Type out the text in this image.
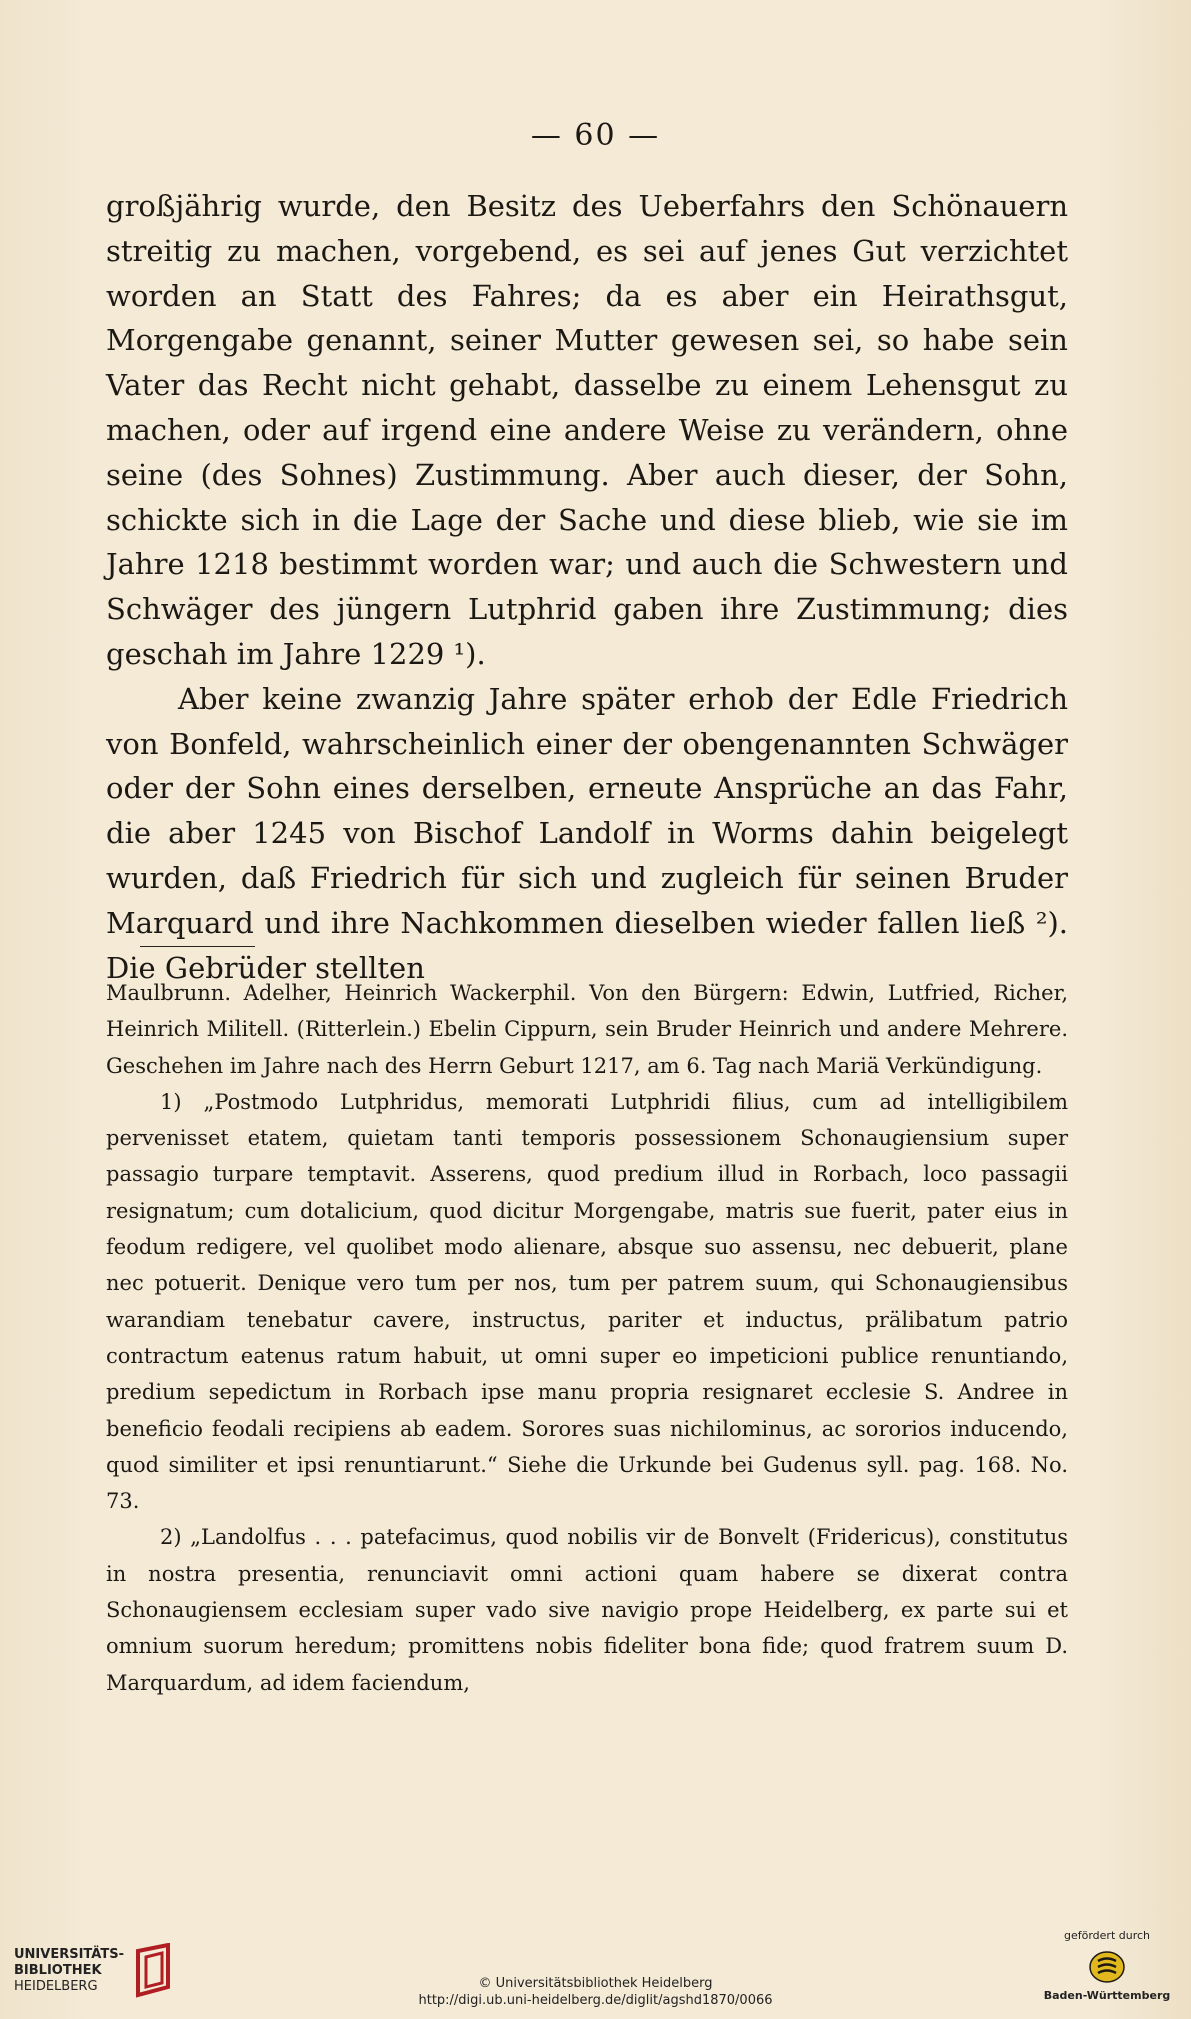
— 60 —

großjährig wurde, den Besitz des Ueberfahrs den Schönauern streitig zu machen, vorgebend, es sei auf jenes Gut verzichtet worden an Statt des Fahres; da es aber ein Heirathsgut, Morgengabe genannt, seiner Mutter gewesen sei, so habe sein Vater das Recht nicht gehabt, dasselbe zu einem Lehensgut zu machen, oder auf irgend eine andere Weise zu verändern, ohne seine (des Sohnes) Zustimmung. Aber auch dieser, der Sohn, schickte sich in die Lage der Sache und diese blieb, wie sie im Jahre 1218 bestimmt worden war; und auch die Schwestern und Schwäger des jüngern Lutphrid gaben ihre Zustimmung; dies geschah im Jahre 1229 ¹).

Aber keine zwanzig Jahre später erhob der Edle Friedrich von Bonfeld, wahrscheinlich einer der obengenannten Schwäger oder der Sohn eines derselben, erneute Ansprüche an das Fahr, die aber 1245 von Bischof Landolf in Worms dahin beigelegt wurden, daß Friedrich für sich und zugleich für seinen Bruder Marquard und ihre Nachkommen dieselben wieder fallen ließ ²). Die Gebrüder stellten

Maulbrunn. Adelher, Heinrich Wackerphil. Von den Bürgern: Edwin, Lutfried, Richer, Heinrich Militell. (Ritterlein.) Ebelin Cippurn, sein Bruder Heinrich und andere Mehrere. Geschehen im Jahre nach des Herrn Geburt 1217, am 6. Tag nach Mariä Verkündigung.

1) „Postmodo Lutphridus, memorati Lutphridi filius, cum ad intelligibilem pervenisset etatem, quietam tanti temporis possessionem Schonaugiensium super passagio turpare temptavit. Asserens, quod predium illud in Rorbach, loco passagii resignatum; cum dotalicium, quod dicitur Morgengabe, matris sue fuerit, pater eius in feodum redigere, vel quolibet modo alienare, absque suo assensu, nec debuerit, plane nec potuerit. Denique vero tum per nos, tum per patrem suum, qui Schonaugiensibus warandiam tenebatur cavere, instructus, pariter et inductus, prälibatum patrio contractum eatenus ratum habuit, ut omni super eo impeticioni publice renuntiando, predium sepedictum in Rorbach ipse manu propria resignaret ecclesie S. Andree in beneficio feodali recipiens ab eadem. Sorores suas nichilominus, ac sororios inducendo, quod similiter et ipsi renuntiarunt.“ Siehe die Urkunde bei Gudenus syll. pag. 168. No. 73.

2) „Landolfus . . . patefacimus, quod nobilis vir de Bonvelt (Fridericus), constitutus in nostra presentia, renunciavit omni actioni quam habere se dixerat contra Schonaugiensem ecclesiam super vado sive navigio prope Heidelberg, ex parte sui et omnium suorum heredum; promittens nobis fideliter bona fide; quod fratrem suum D. Marquardum, ad idem faciendum,

UNIVERSITÄTS-
BIBLIOTHEK
HEIDELBERG	© Universitätsbibliothek Heidelberg
http://digi.ub.uni-heidelberg.de/diglit/agshd1870/0066
gefördert durch
Baden-Württemberg
